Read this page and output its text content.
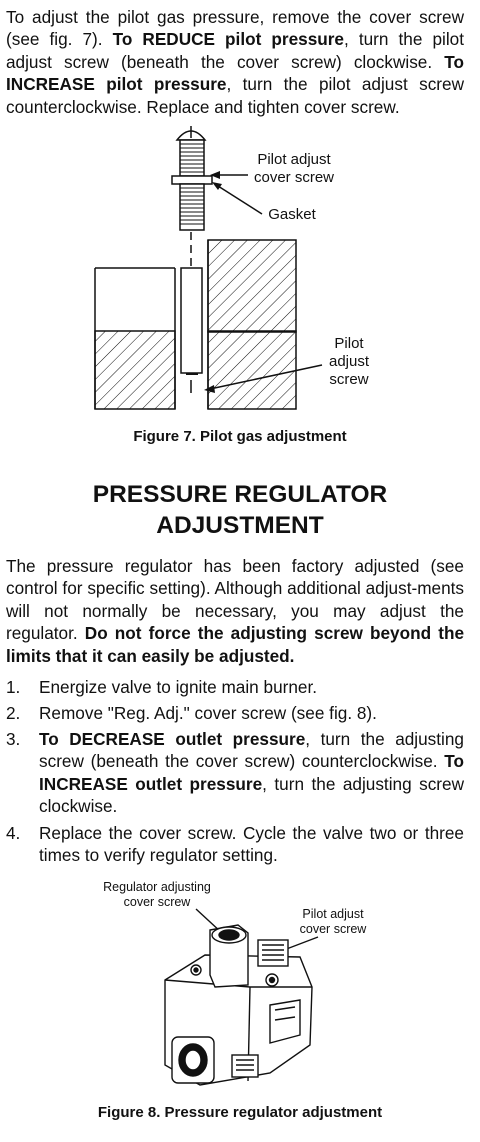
To adjust the pilot gas pressure, remove the cover screw (see fig. 7). To REDUCE pilot pressure, turn the pilot adjust screw (beneath the cover screw) clockwise. To INCREASE pilot pressure, turn the pilot adjust screw counterclockwise. Replace and tighten cover screw.

Pilot adjust
cover screw
Gasket
Pilot
adjust
screw

Figure 7. Pilot gas adjustment

PRESSURE REGULATOR
ADJUSTMENT

The pressure regulator has been factory adjusted (see control for specific setting). Although additional adjust-ments will not normally be necessary, you may adjust the regulator. Do not force the adjusting screw beyond the limits that it can easily be adjusted.

1. Energize valve to ignite main burner.
2. Remove "Reg. Adj." cover screw (see fig. 8).
3. To DECREASE outlet pressure, turn the adjusting screw (beneath the cover screw) counterclockwise. To INCREASE outlet pressure, turn the adjusting screw clockwise.
4. Replace the cover screw. Cycle the valve two or three times to verify regulator setting.
Regulator adjusting
cover screw
Pilot adjust
cover screw

Figure 8. Pressure regulator adjustment
